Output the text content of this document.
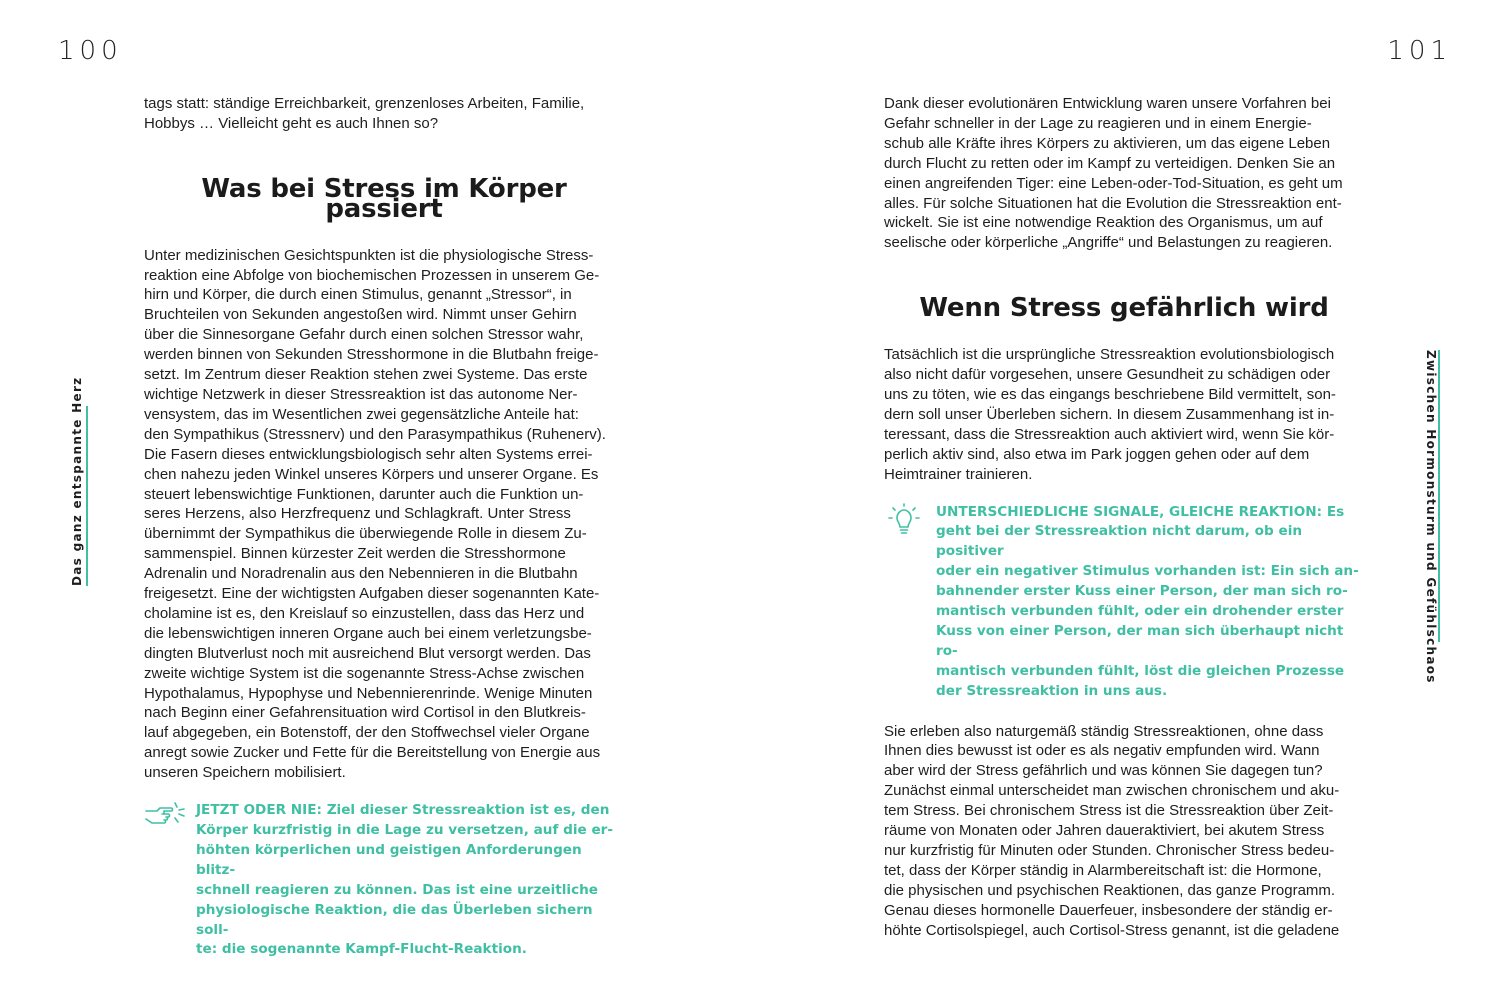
100
Das ganz entspannte Herz

tags statt: ständige Erreichbarkeit, grenzenloses Arbeiten, Familie,
Hobbys … Vielleicht geht es auch Ihnen so?

Was bei Stress im Körper passiert

Unter medizinischen Gesichtspunkten ist die physiologische Stress-
reaktion eine Abfolge von biochemischen Prozessen in unserem Ge-
hirn und Körper, die durch einen Stimulus, genannt „Stressor“, in
Bruchteilen von Sekunden angestoßen wird. Nimmt unser Gehirn
über die Sinnesorgane Gefahr durch einen solchen Stressor wahr,
werden binnen von Sekunden Stresshormone in die Blutbahn freige-
setzt. Im Zentrum dieser Reaktion stehen zwei Systeme. Das erste
wichtige Netzwerk in dieser Stressreaktion ist das autonome Ner-
vensystem, das im Wesentlichen zwei gegensätzliche Anteile hat:
den Sympathikus (Stressnerv) und den Parasympathikus (Ruhenerv).
Die Fasern dieses entwicklungsbiologisch sehr alten Systems errei-
chen nahezu jeden Winkel unseres Körpers und unserer Organe. Es
steuert lebenswichtige Funktionen, darunter auch die Funktion un-
seres Herzens, also Herzfrequenz und Schlagkraft. Unter Stress
übernimmt der Sympathikus die überwiegende Rolle in diesem Zu-
sammenspiel. Binnen kürzester Zeit werden die Stresshormone
Adrenalin und Noradrenalin aus den Nebennieren in die Blutbahn
freigesetzt. Eine der wichtigsten Aufgaben dieser sogenannten Kate-
cholamine ist es, den Kreislauf so einzustellen, dass das Herz und
die lebenswichtigen inneren Organe auch bei einem verletzungsbe-
dingten Blutverlust noch mit ausreichend Blut versorgt werden. Das
zweite wichtige System ist die sogenannte Stress-Achse zwischen
Hypothalamus, Hypophyse und Nebennierenrinde. Wenige Minuten
nach Beginn einer Gefahrensituation wird Cortisol in den Blutkreis-
lauf abgegeben, ein Botenstoff, der den Stoffwechsel vieler Organe
anregt sowie Zucker und Fette für die Bereitstellung von Energie aus
unseren Speichern mobilisiert.

JETZT ODER NIE: Ziel dieser Stressreaktion ist es, den
Körper kurzfristig in die Lage zu versetzen, auf die er-
höhten körperlichen und geistigen Anforderungen blitz-
schnell reagieren zu können. Das ist eine urzeitliche
physiologische Reaktion, die das Überleben sichern soll-
te: die sogenannte Kampf-Flucht-Reaktion.

101
Zwischen Hormonsturm und Gefühlschaos

Dank dieser evolutionären Entwicklung waren unsere Vorfahren bei
Gefahr schneller in der Lage zu reagieren und in einem Energie-
schub alle Kräfte ihres Körpers zu aktivieren, um das eigene Leben
durch Flucht zu retten oder im Kampf zu verteidigen. Denken Sie an
einen angreifenden Tiger: eine Leben-oder-Tod-Situation, es geht um
alles. Für solche Situationen hat die Evolution die Stressreaktion ent-
wickelt. Sie ist eine notwendige Reaktion des Organismus, um auf
seelische oder körperliche „Angriffe“ und Belastungen zu reagieren.

Wenn Stress gefährlich wird

Tatsächlich ist die ursprüngliche Stressreaktion evolutionsbiologisch
also nicht dafür vorgesehen, unsere Gesundheit zu schädigen oder
uns zu töten, wie es das eingangs beschriebene Bild vermittelt, son-
dern soll unser Überleben sichern. In diesem Zusammenhang ist in-
teressant, dass die Stressreaktion auch aktiviert wird, wenn Sie kör-
perlich aktiv sind, also etwa im Park joggen gehen oder auf dem
Heimtrainer trainieren.

UNTERSCHIEDLICHE SIGNALE, GLEICHE REAKTION: Es
geht bei der Stressreaktion nicht darum, ob ein positiver
oder ein negativer Stimulus vorhanden ist: Ein sich an-
bahnender erster Kuss einer Person, der man sich ro-
mantisch verbunden fühlt, oder ein drohender erster
Kuss von einer Person, der man sich überhaupt nicht ro-
mantisch verbunden fühlt, löst die gleichen Prozesse
der Stressreaktion in uns aus.

Sie erleben also naturgemäß ständig Stressreaktionen, ohne dass
Ihnen dies bewusst ist oder es als negativ empfunden wird. Wann
aber wird der Stress gefährlich und was können Sie dagegen tun?
Zunächst einmal unterscheidet man zwischen chronischem und aku-
tem Stress. Bei chronischem Stress ist die Stressreaktion über Zeit-
räume von Monaten oder Jahren daueraktiviert, bei akutem Stress
nur kurzfristig für Minuten oder Stunden. Chronischer Stress bedeu-
tet, dass der Körper ständig in Alarmbereitschaft ist: die Hormone,
die physischen und psychischen Reaktionen, das ganze Programm.
Genau dieses hormonelle Dauerfeuer, insbesondere der ständig er-
höhte Cortisolspiegel, auch Cortisol-Stress genannt, ist die geladene
